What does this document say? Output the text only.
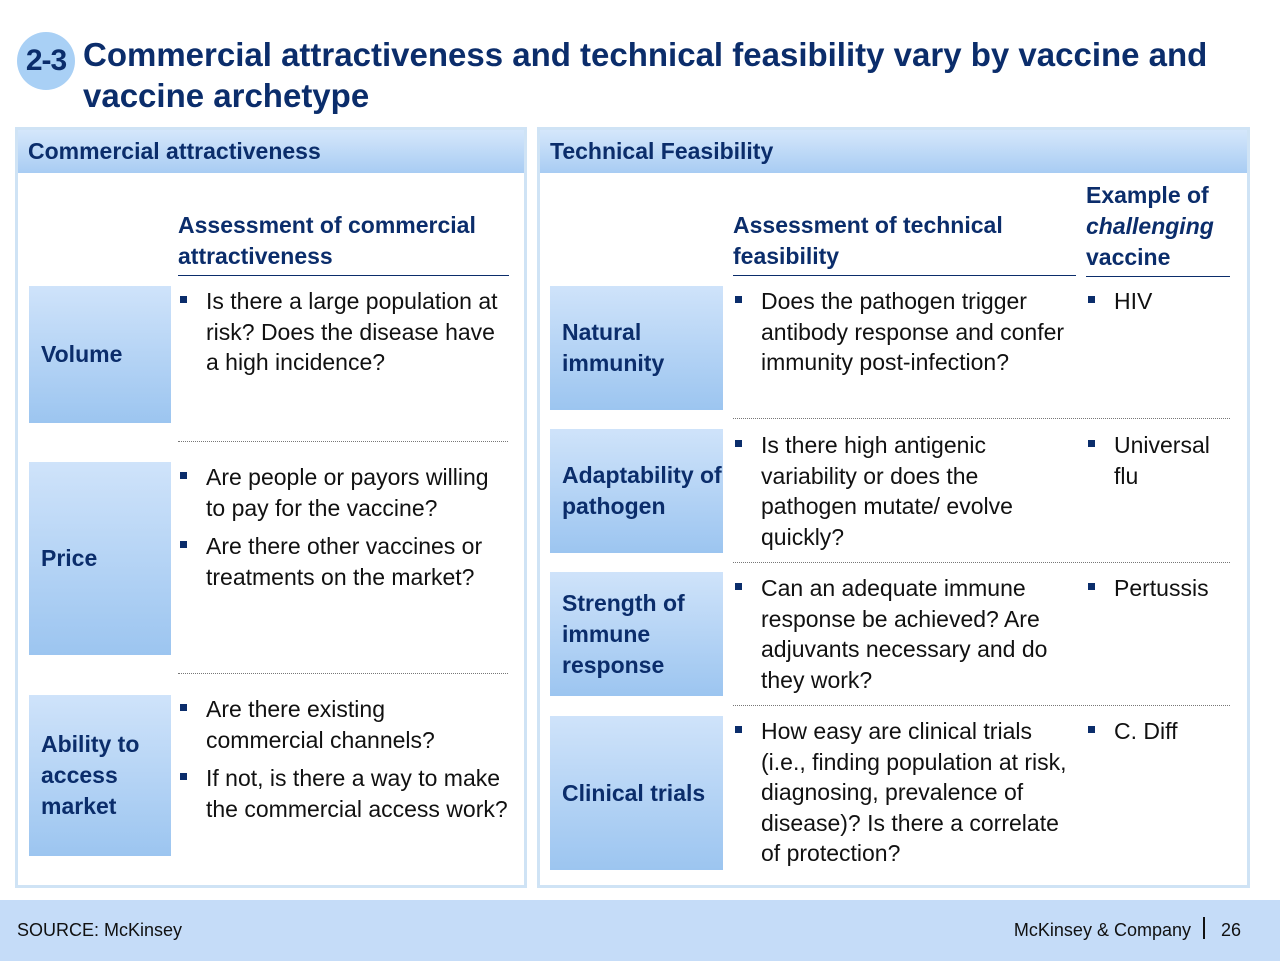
2-3 Commercial attractiveness and technical feasibility vary by vaccine and vaccine archetype
Commercial attractiveness
Assessment of commercial attractiveness
Volume
Is there a large population at risk? Does the disease have a high incidence?
Price
Are people or payors willing to pay for the vaccine?
Are there other vaccines or treatments on the market?
Ability to access market
Are there existing commercial channels?
If not, is there a way to make the commercial access work?
Technical Feasibility
Assessment of technical feasibility
Example of
challenging
vaccine
Natural immunity
Does the pathogen trigger antibody response and confer immunity post-infection?
HIV
Adaptability of pathogen
Is there high antigenic variability or does the pathogen mutate/ evolve quickly?
Universal flu
Strength of immune response
Can an adequate immune response be achieved? Are adjuvants necessary and do they work?
Pertussis
Clinical trials
How easy are clinical trials (i.e., finding population at risk, diagnosing, prevalence of disease)? Is there a correlate of protection?
C. Diff
SOURCE: McKinsey	McKinsey & Company 26
